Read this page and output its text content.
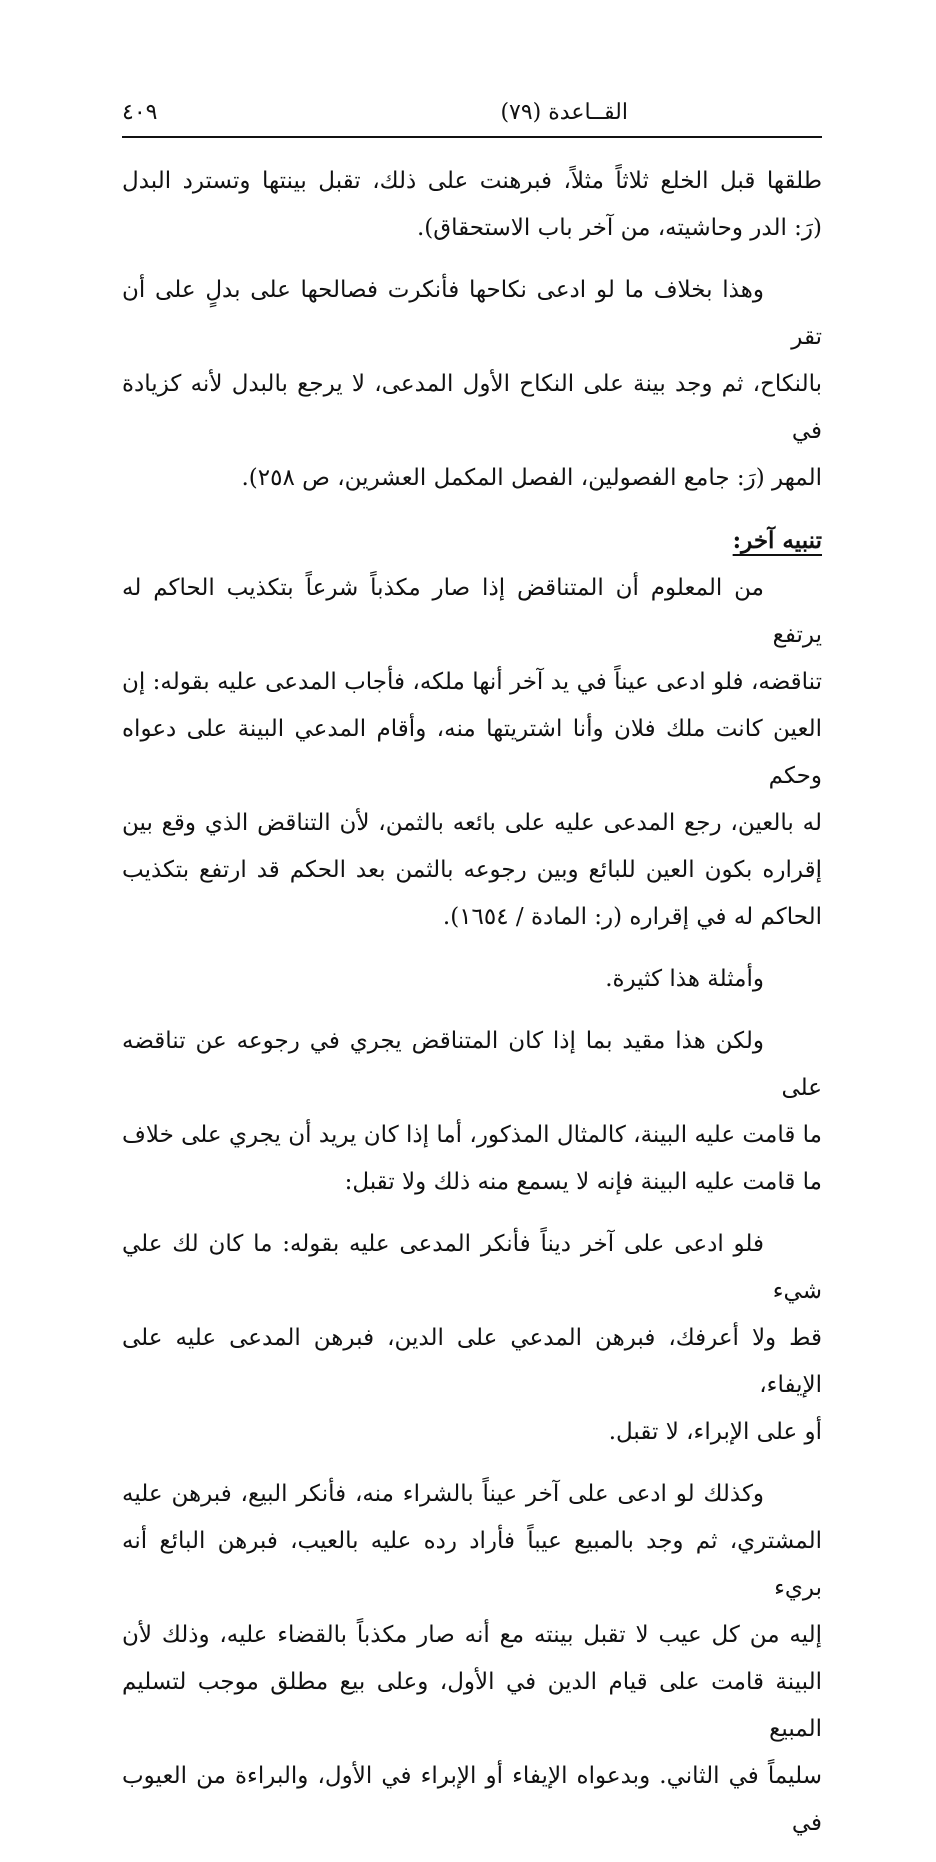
القــاعدة (٧٩)
٤٠٩

طلقها قبل الخلع ثلاثاً مثلاً، فبرهنت على ذلك، تقبل بينتها وتسترد البدل

(رَ: الدر وحاشيته، من آخر باب الاستحقاق).

وهذا بخلاف ما لو ادعى نكاحها فأنكرت فصالحها على بدلٍ على أن تقر

بالنكاح، ثم وجد بينة على النكاح الأول المدعى، لا يرجع بالبدل لأنه كزيادة في

المهر (رَ: جامع الفصولين، الفصل المكمل العشرين، ص ٢٥٨).

تنبيه آخر:

من المعلوم أن المتناقض إذا صار مكذباً شرعاً بتكذيب الحاكم له يرتفع

تناقضه، فلو ادعى عيناً في يد آخر أنها ملكه، فأجاب المدعى عليه بقوله: إن

العين كانت ملك فلان وأنا اشتريتها منه، وأقام المدعي البينة على دعواه وحكم

له بالعين، رجع المدعى عليه على بائعه بالثمن، لأن التناقض الذي وقع بين

إقراره بكون العين للبائع وبين رجوعه بالثمن بعد الحكم قد ارتفع بتكذيب

الحاكم له في إقراره (ر: المادة / ١٦٥٤).

وأمثلة هذا كثيرة.

ولكن هذا مقيد بما إذا كان المتناقض يجري في رجوعه عن تناقضه على

ما قامت عليه البينة، كالمثال المذكور، أما إذا كان يريد أن يجري على خلاف

ما قامت عليه البينة فإنه لا يسمع منه ذلك ولا تقبل:

فلو ادعى على آخر ديناً فأنكر المدعى عليه بقوله: ما كان لك علي شيء

قط ولا أعرفك، فبرهن المدعي على الدين، فبرهن المدعى عليه على الإيفاء،

أو على الإبراء، لا تقبل.

وكذلك لو ادعى على آخر عيناً بالشراء منه، فأنكر البيع، فبرهن عليه

المشتري، ثم وجد بالمبيع عيباً فأراد رده عليه بالعيب، فبرهن البائع أنه بريء

إليه من كل عيب لا تقبل بينته مع أنه صار مكذباً بالقضاء عليه، وذلك لأن

البينة قامت على قيام الدين في الأول، وعلى بيع مطلق موجب لتسليم المبيع

سليماً في الثاني. وبدعواه الإيفاء أو الإبراء في الأول، والبراءة من العيوب في
